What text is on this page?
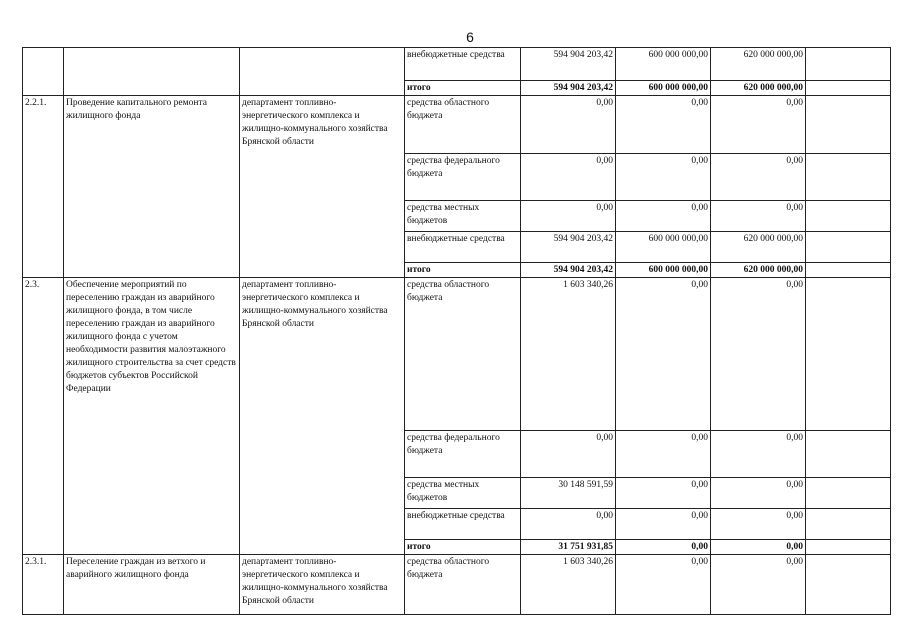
6
			внебюджетные средства	594 904 203,42	600 000 000,00	620 000 000,00	
			итого	594 904 203,42	600 000 000,00	620 000 000,00	
2.2.1.	Проведение капитального ремонта жилищного фонда	департамент топливно-энергетического комплекса и жилищно-коммунального хозяйства Брянской области	средства областного бюджета	0,00	0,00	0,00	
			средства федерального бюджета	0,00	0,00	0,00	
			средства местных бюджетов	0,00	0,00	0,00	
			внебюджетные средства	594 904 203,42	600 000 000,00	620 000 000,00	
			итого	594 904 203,42	600 000 000,00	620 000 000,00	
2.3.	Обеспечение мероприятий по переселению граждан из аварийного жилищного фонда, в том числе переселению граждан из аварийного жилищного фонда с учетом необходимости развития малоэтажного жилищного строительства за счет средств бюджетов субъектов Российской Федерации	департамент топливно-энергетического комплекса и жилищно-коммунального хозяйства Брянской области	средства областного бюджета	1 603 340,26	0,00	0,00	
			средства федерального бюджета	0,00	0,00	0,00	
			средства местных бюджетов	30 148 591,59	0,00	0,00	
			внебюджетные средства	0,00	0,00	0,00	
			итого	31 751 931,85	0,00	0,00	
2.3.1.	Переселение граждан из ветхого и аварийного жилищного фонда	департамент топливно-энергетического комплекса и жилищно-коммунального хозяйства Брянской области	средства областного бюджета	1 603 340,26	0,00	0,00	
